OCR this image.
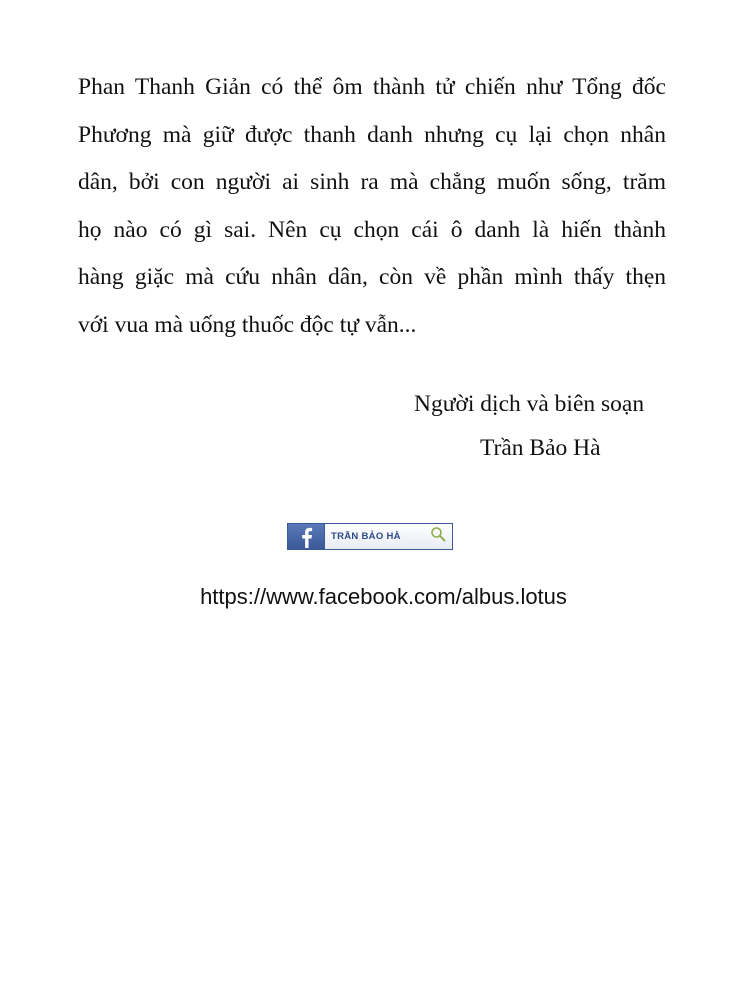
Phan Thanh Giản có thể ôm thành tử chiến như Tổng đốc
Phương mà giữ được thanh danh nhưng cụ lại chọn nhân
dân, bởi con người ai sinh ra mà chẳng muốn sống, trăm
họ nào có gì sai. Nên cụ chọn cái ô danh là hiến thành
hàng giặc mà cứu nhân dân, còn về phần mình thấy thẹn
với vua mà uống thuốc độc tự vẫn...
Người dịch và biên soạn
Trần Bảo Hà
TRẦN BẢO HÀ
https://www.facebook.com/albus.lotus
